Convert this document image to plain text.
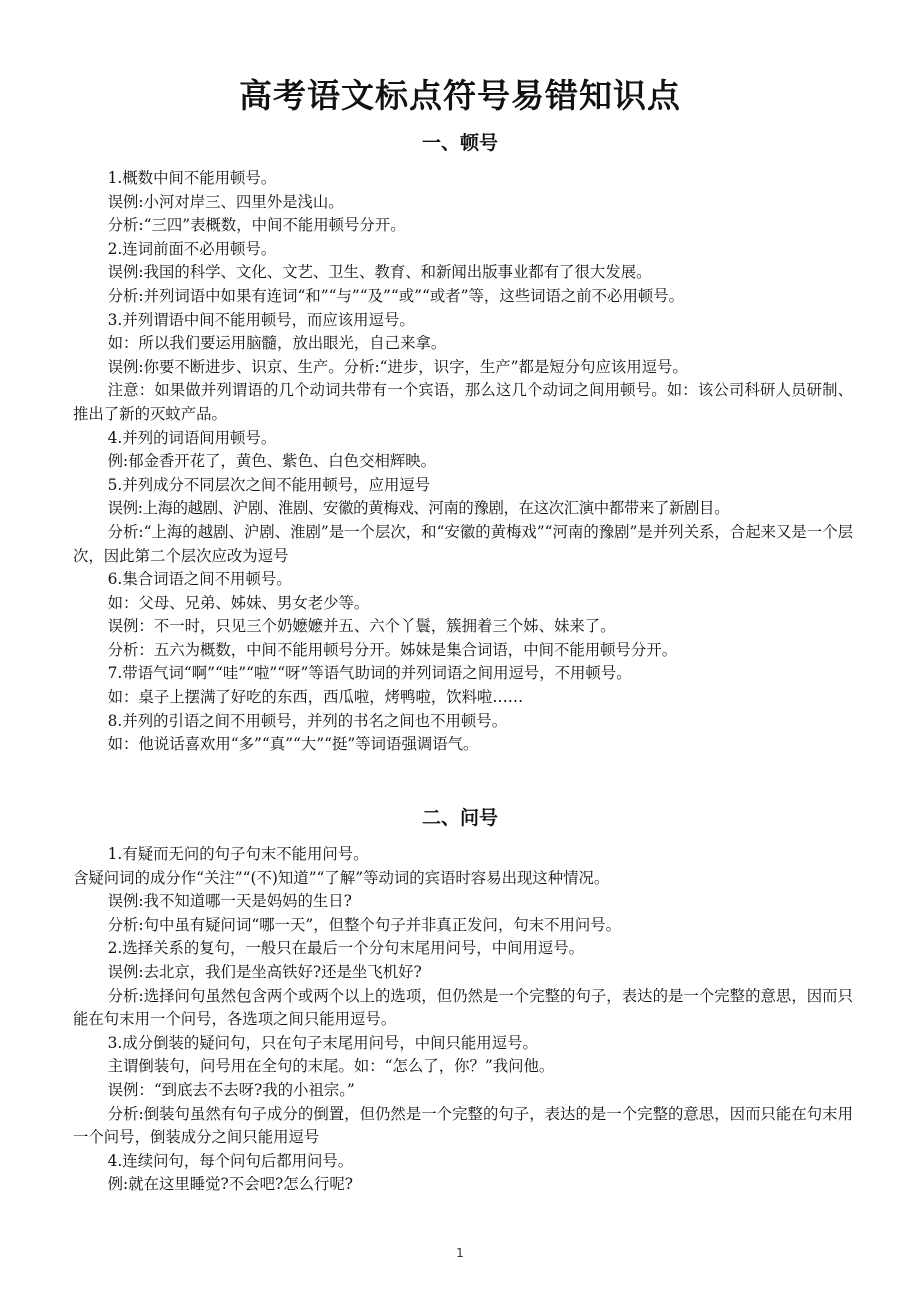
高考语文标点符号易错知识点
一、顿号

1.概数中间不能用顿号。

误例:小河对岸三、四里外是浅山。

分析:“三四”表概数，中间不能用顿号分开。

2.连词前面不必用顿号。

误例:我国的科学、文化、文艺、卫生、教育、和新闻出版事业都有了很大发展。

分析:并列词语中如果有连词“和”“与”“及”“或”“或者”等，这些词语之前不必用顿号。

3.并列谓语中间不能用顿号，而应该用逗号。

如：所以我们要运用脑髓，放出眼光，自己来拿。

误例:你要不断进步、识京、生产。分析:“进步，识字，生产”都是短分句应该用逗号。

注意：如果做并列谓语的几个动词共带有一个宾语，那么这几个动词之间用顿号。如：该公司科研人员研制、推出了新的灭蚊产品。

4.并列的词语间用顿号。

例:郁金香开花了，黄色、紫色、白色交相辉映。

5.并列成分不同层次之间不能用顿号，应用逗号

误例:上海的越剧、沪剧、淮剧、安徽的黄梅戏、河南的豫剧，在这次汇演中都带来了新剧目。

分析:“上海的越剧、沪剧、淮剧”是一个层次，和“安徽的黄梅戏”“河南的豫剧”是并列关系，合起来又是一个层次，因此第二个层次应改为逗号

6.集合词语之间不用顿号。

如：父母、兄弟、姊妹、男女老少等。

误例：不一时，只见三个奶嬷嬷并五、六个丫鬟，簇拥着三个姊、妹来了。

分析：五六为概数，中间不能用顿号分开。姊妹是集合词语，中间不能用顿号分开。

7.带语气词“啊”“哇”“啦”“呀”等语气助词的并列词语之间用逗号，不用顿号。

如：桌子上摆满了好吃的东西，西瓜啦，烤鸭啦，饮料啦……

8.并列的引语之间不用顿号，并列的书名之间也不用顿号。

如：他说话喜欢用“多”“真”“大”“挺”等词语强调语气。

二、问号

1.有疑而无问的句子句末不能用问号。

含疑问词的成分作“关注”“(不)知道”“了解”等动词的宾语时容易出现这种情况。

误例:我不知道哪一天是妈妈的生日?

分析:句中虽有疑问词“哪一天”，但整个句子并非真正发问，句末不用问号。

2.选择关系的复句，一般只在最后一个分句末尾用问号，中间用逗号。

误例:去北京，我们是坐高铁好?还是坐飞机好?

分析:选择问句虽然包含两个或两个以上的选项，但仍然是一个完整的句子，表达的是一个完整的意思，因而只能在句末用一个问号，各选项之间只能用逗号。

3.成分倒装的疑问句，只在句子末尾用问号，中间只能用逗号。

主谓倒装句，问号用在全句的末尾。如：“怎么了，你？”我问他。

误例：“到底去不去呀?我的小祖宗。”

分析:倒装句虽然有句子成分的倒置，但仍然是一个完整的句子，表达的是一个完整的意思，因而只能在句末用一个问号，倒装成分之间只能用逗号

4.连续问句，每个问句后都用问号。

例:就在这里睡觉?不会吧?怎么行呢?

1
